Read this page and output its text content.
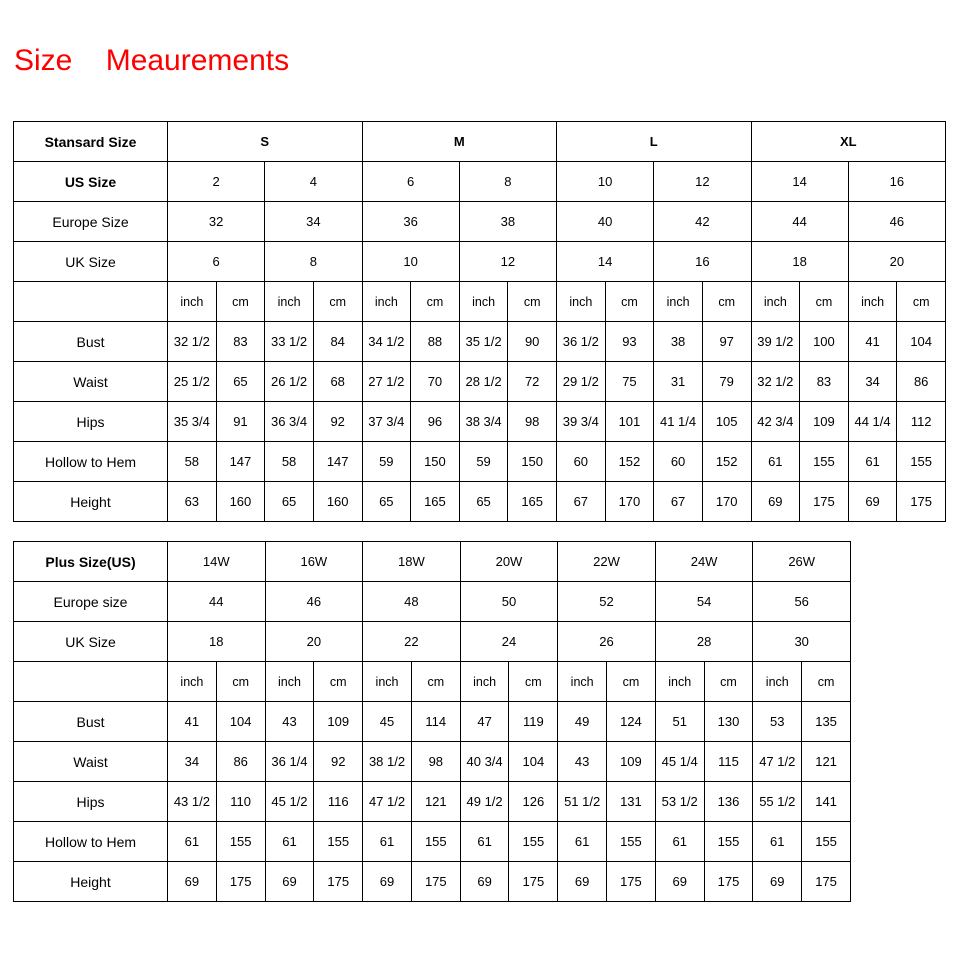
Size    Meaurements
Stansard Size	S				M				L				XL			
US Size	2		4		6		8		10		12		14		16	
Europe Size	32		34		36		38		40		42		44		46	
UK Size	6		8		10		12		14		16		18		20	
	inch	cm	inch	cm	inch	cm	inch	cm	inch	cm	inch	cm	inch	cm	inch	cm
Bust	32 1/2	83	33 1/2	84	34 1/2	88	35 1/2	90	36 1/2	93	38	97	39 1/2	100	41	104
Waist	25 1/2	65	26 1/2	68	27 1/2	70	28 1/2	72	29 1/2	75	31	79	32 1/2	83	34	86
Hips	35 3/4	91	36 3/4	92	37 3/4	96	38 3/4	98	39 3/4	101	41 1/4	105	42 3/4	109	44 1/4	112
Hollow to Hem	58	147	58	147	59	150	59	150	60	152	60	152	61	155	61	155
Height	63	160	65	160	65	165	65	165	67	170	67	170	69	175	69	175
Plus Size(US)	14W		16W		18W		20W		22W		24W		26W	
Europe size	44		46		48		50		52		54		56	
UK Size	18		20		22		24		26		28		30	
	inch	cm	inch	cm	inch	cm	inch	cm	inch	cm	inch	cm	inch	cm
Bust	41	104	43	109	45	114	47	119	49	124	51	130	53	135
Waist	34	86	36 1/4	92	38 1/2	98	40 3/4	104	43	109	45 1/4	115	47 1/2	121
Hips	43 1/2	110	45 1/2	116	47 1/2	121	49 1/2	126	51 1/2	131	53 1/2	136	55 1/2	141
Hollow to Hem	61	155	61	155	61	155	61	155	61	155	61	155	61	155
Height	69	175	69	175	69	175	69	175	69	175	69	175	69	175
